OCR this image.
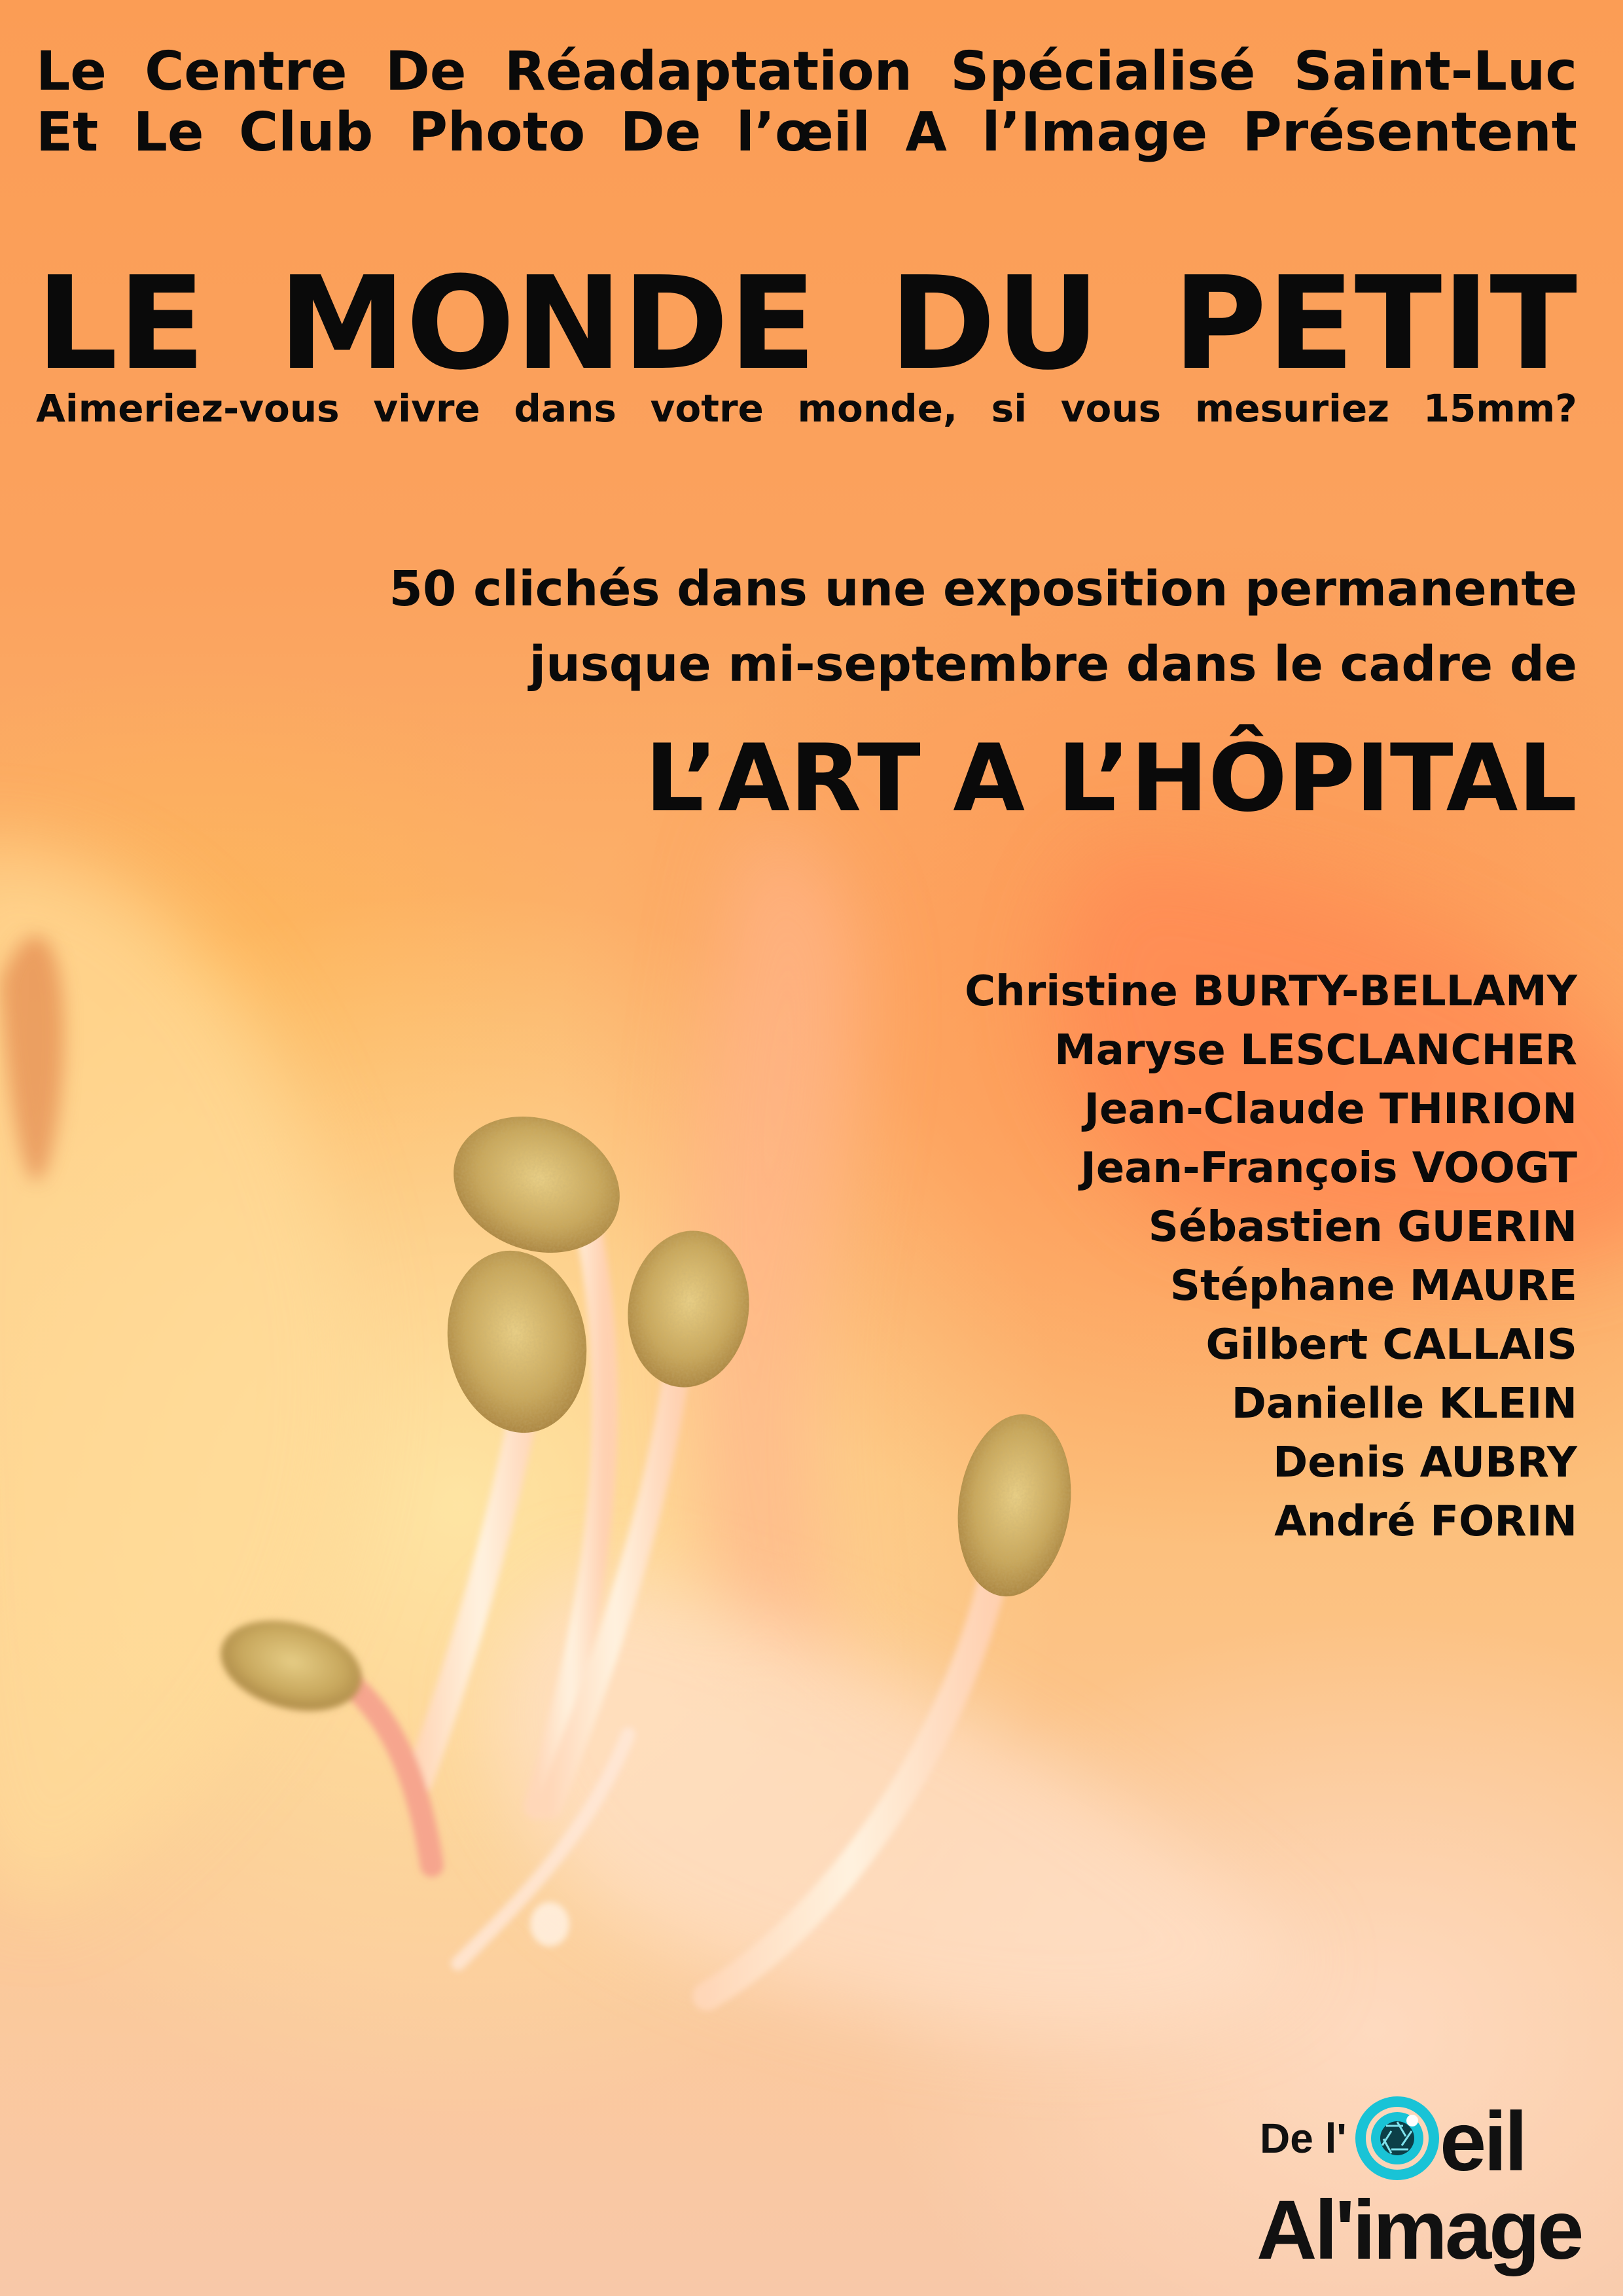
Le Centre De Réadaptation Spécialisé Saint-Luc
Et Le Club Photo De l’œil A l’Image Présentent
LE MONDE DU PETIT
Aimeriez-vous vivre dans votre monde, si vous mesuriez 15mm?
50 clichés dans une exposition permanente
jusque mi-septembre dans le cadre de
L’ART A L’HÔPITAL
Christine BURTY-BELLAMY
Maryse LESCLANCHER
Jean-Claude THIRION
Jean-François VOOGT
Sébastien GUERIN
Stéphane MAURE
Gilbert CALLAIS
Danielle KLEIN
Denis AUBRY
André FORIN
De l' eil
Al'image
